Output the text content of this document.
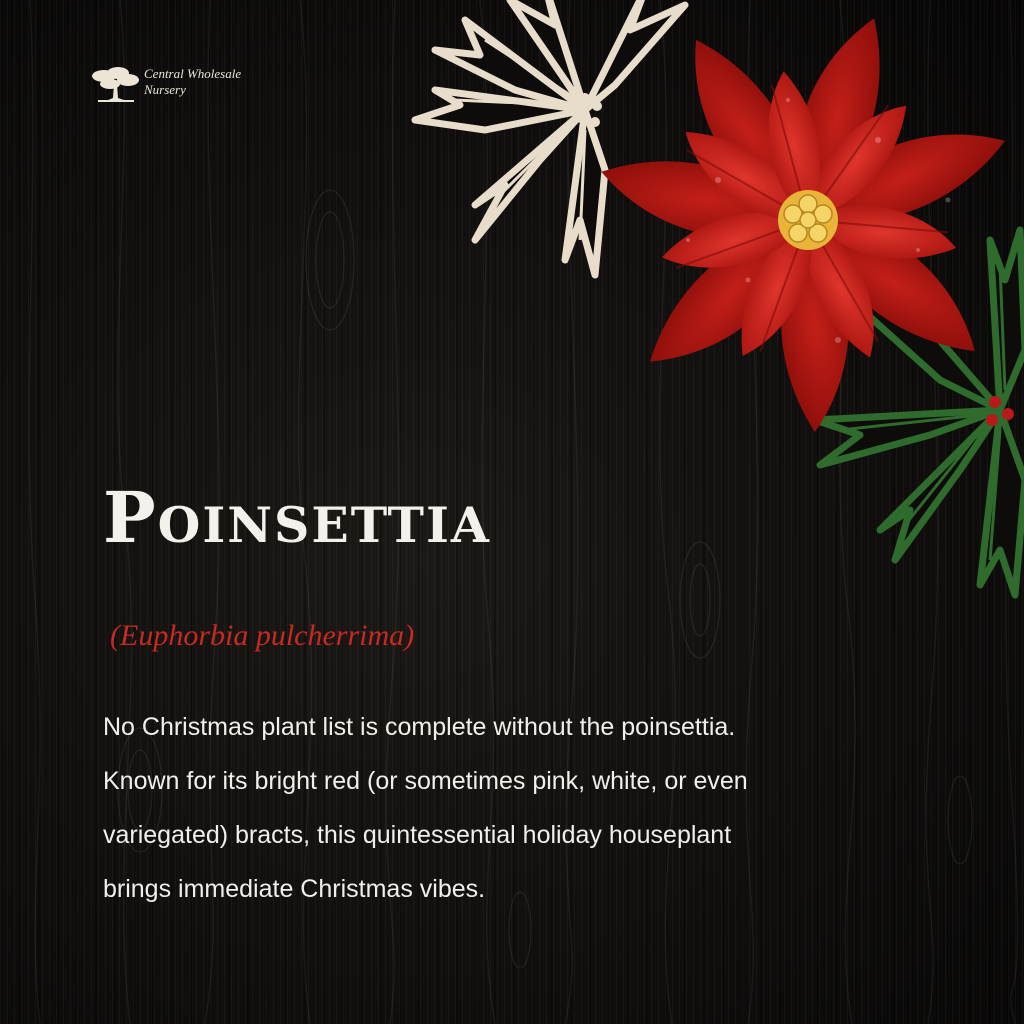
Central Wholesale
Nursery
Poinsettia

(Euphorbia pulcherrima)

No Christmas plant list is complete without the poinsettia. Known for its bright red (or sometimes pink, white, or even variegated) bracts, this quintessential holiday houseplant brings immediate Christmas vibes.
